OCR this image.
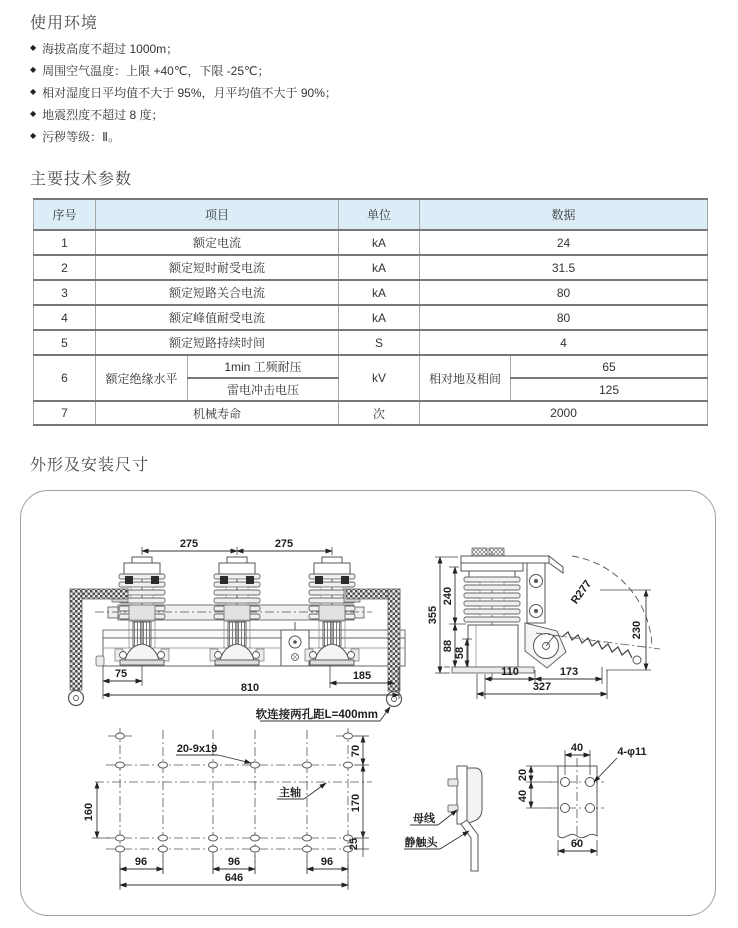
使用环境
◆ 海拔高度不超过 1000m；
◆ 周围空气温度：上限 +40℃，下限 -25℃；
◆ 相对湿度日平均值不大于 95%，月平均值不大于 90%；
◆ 地震烈度不超过 8 度；
◆ 污秽等级：Ⅱ。
主要技术参数
序号	项目		单位	数据	
1	额定电流		kA	24	
2	额定短时耐受电流		kA	31.5	
3	额定短路关合电流		kA	80	
4	额定峰值耐受电流		kA	80	
5	额定短路持续时间		S	4	
6	额定绝缘水平	1min 工频耐压	kV	相对地及相间	65
		雷电冲击电压			125
7	机械寿命		次	2000	
外形及安装尺寸
275	275
75	185
810
软连接两孔距L=400mm
R277
355
240
88
58
230
110	173
327
20-9x19
主轴
160
70
170
25
96	96	96
646
母线
静触头
40	4-φ11
20
40
60
